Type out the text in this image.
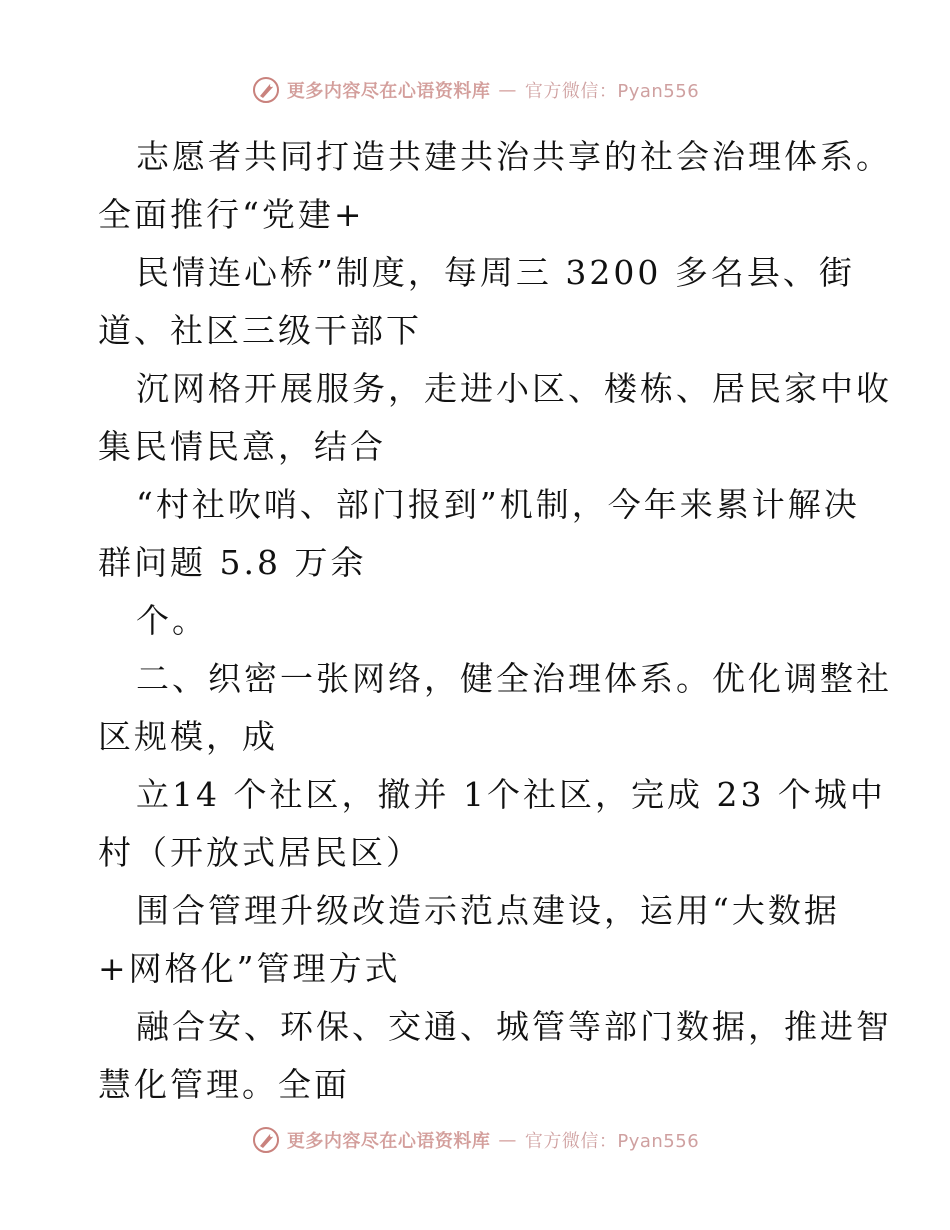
更多内容尽在心语资料库 — 官方微信：Pyan556
志愿者共同打造共建共治共享的社会治理体系。
全面推行“党建+
民情连心桥”制度，每周三 3200 多名县、街
道、社区三级干部下
沉网格开展服务，走进小区、楼栋、居民家中收
集民情民意，结合
“村社吹哨、部门报到”机制，今年来累计解决
群问题 5.8 万余
个。
二、织密一张网络，健全治理体系。优化调整社
区规模，成
立14 个社区，撤并 1个社区，完成 23 个城中
村（开放式居民区）
围合管理升级改造示范点建设，运用“大数据
+网格化”管理方式
融合安、环保、交通、城管等部门数据，推进智
慧化管理。全面
更多内容尽在心语资料库 — 官方微信：Pyan556
